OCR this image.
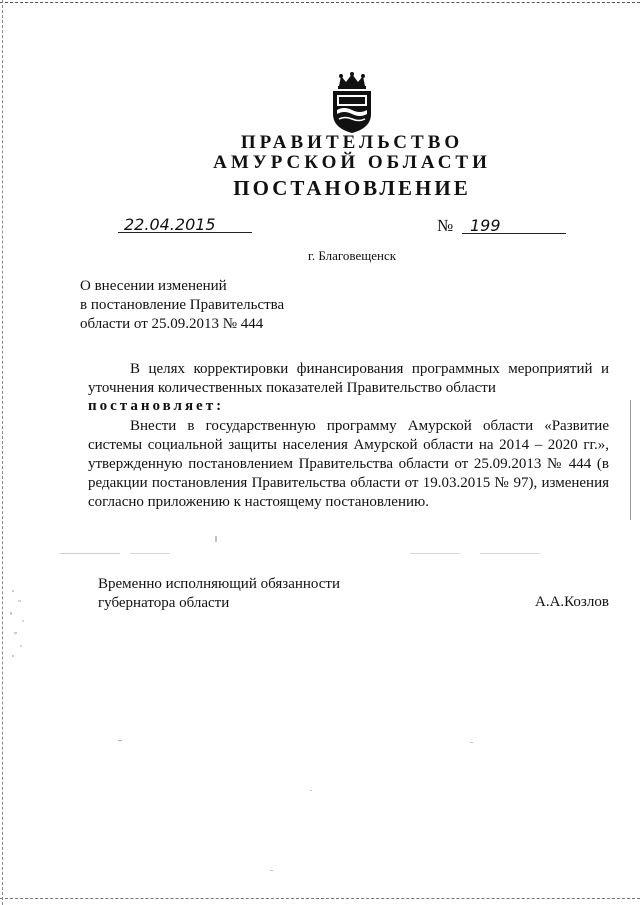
ПРАВИТЕЛЬСТВО
АМУРСКОЙ ОБЛАСТИ
ПОСТАНОВЛЕНИЕ
22.04.2015	№	199
г. Благовещенск
О внесении изменений
в постановление Правительства
области от 25.09.2013 № 444
В целях корректировки финансирования программных мероприятий и уточнения количественных показателей Правительство области
постановляет:
Внести в государственную программу Амурской области «Развитие системы социальной защиты населения Амурской области на 2014 – 2020 гг.», утвержденную постановлением Правительства области от 25.09.2013 № 444 (в редакции постановления Правительства области от 19.03.2015 № 97), изменения согласно приложению к настоящему постановлению.
Временно исполняющий обязанности
губернатора области	А.А.Козлов
